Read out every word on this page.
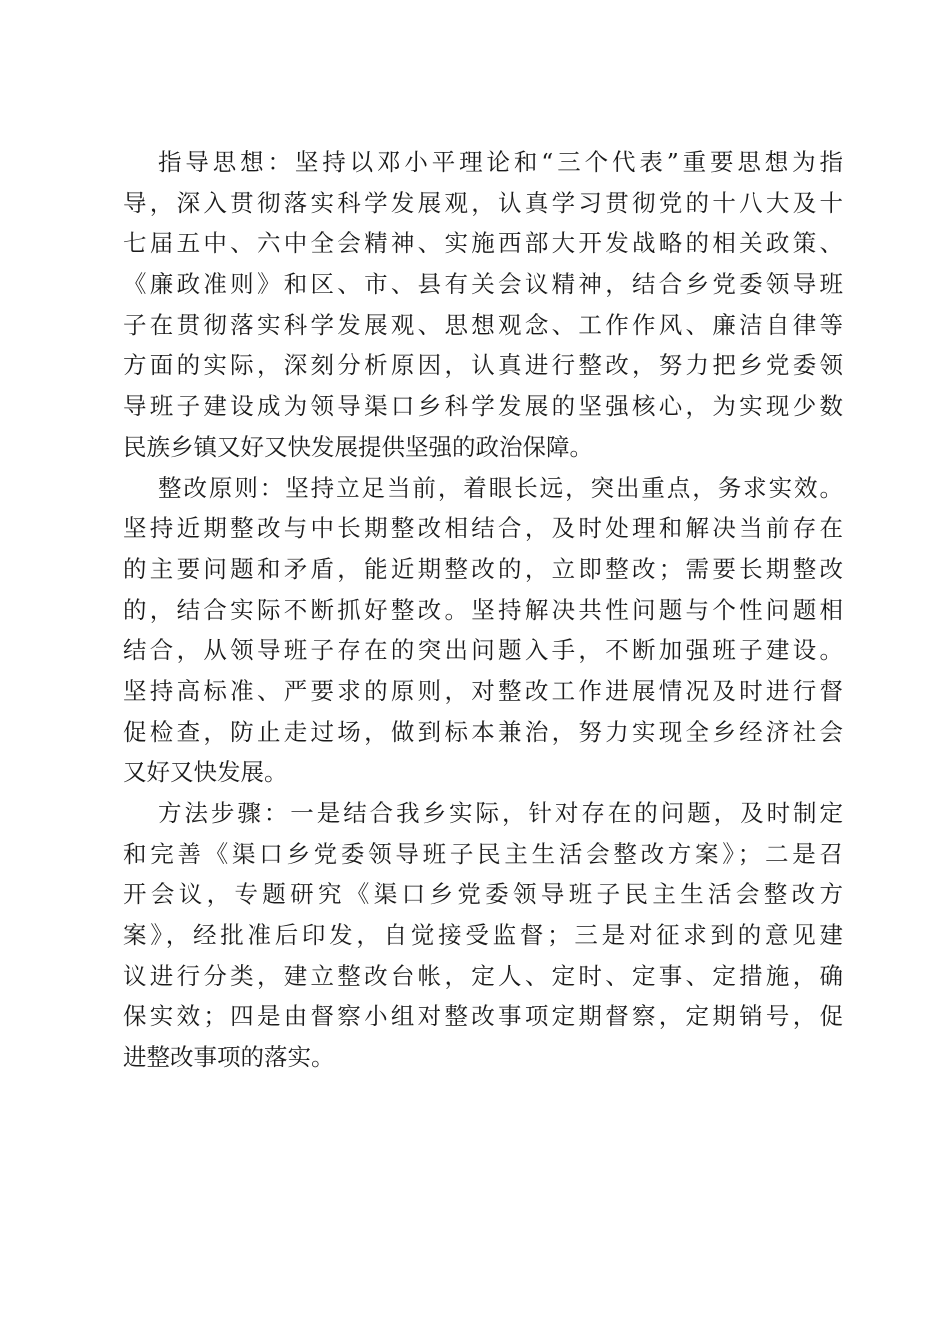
指导思想：坚持以邓小平理论和“三个代表”重要思想为指
导，深入贯彻落实科学发展观，认真学习贯彻党的十八大及十
七届五中、六中全会精神、实施西部大开发战略的相关政策、
《廉政准则》和区、市、县有关会议精神，结合乡党委领导班
子在贯彻落实科学发展观、思想观念、工作作风、廉洁自律等
方面的实际，深刻分析原因，认真进行整改，努力把乡党委领
导班子建设成为领导渠口乡科学发展的坚强核心，为实现少数
民族乡镇又好又快发展提供坚强的政治保障。
整改原则：坚持立足当前，着眼长远，突出重点，务求实效。
坚持近期整改与中长期整改相结合，及时处理和解决当前存在
的主要问题和矛盾，能近期整改的，立即整改；需要长期整改
的，结合实际不断抓好整改。坚持解决共性问题与个性问题相
结合，从领导班子存在的突出问题入手，不断加强班子建设。
坚持高标准、严要求的原则，对整改工作进展情况及时进行督
促检查，防止走过场，做到标本兼治，努力实现全乡经济社会
又好又快发展。
方法步骤：一是结合我乡实际，针对存在的问题，及时制定
和完善《渠口乡党委领导班子民主生活会整改方案》；二是召
开会议，专题研究《渠口乡党委领导班子民主生活会整改方
案》，经批准后印发，自觉接受监督；三是对征求到的意见建
议进行分类，建立整改台帐，定人、定时、定事、定措施，确
保实效；四是由督察小组对整改事项定期督察，定期销号，促
进整改事项的落实。
